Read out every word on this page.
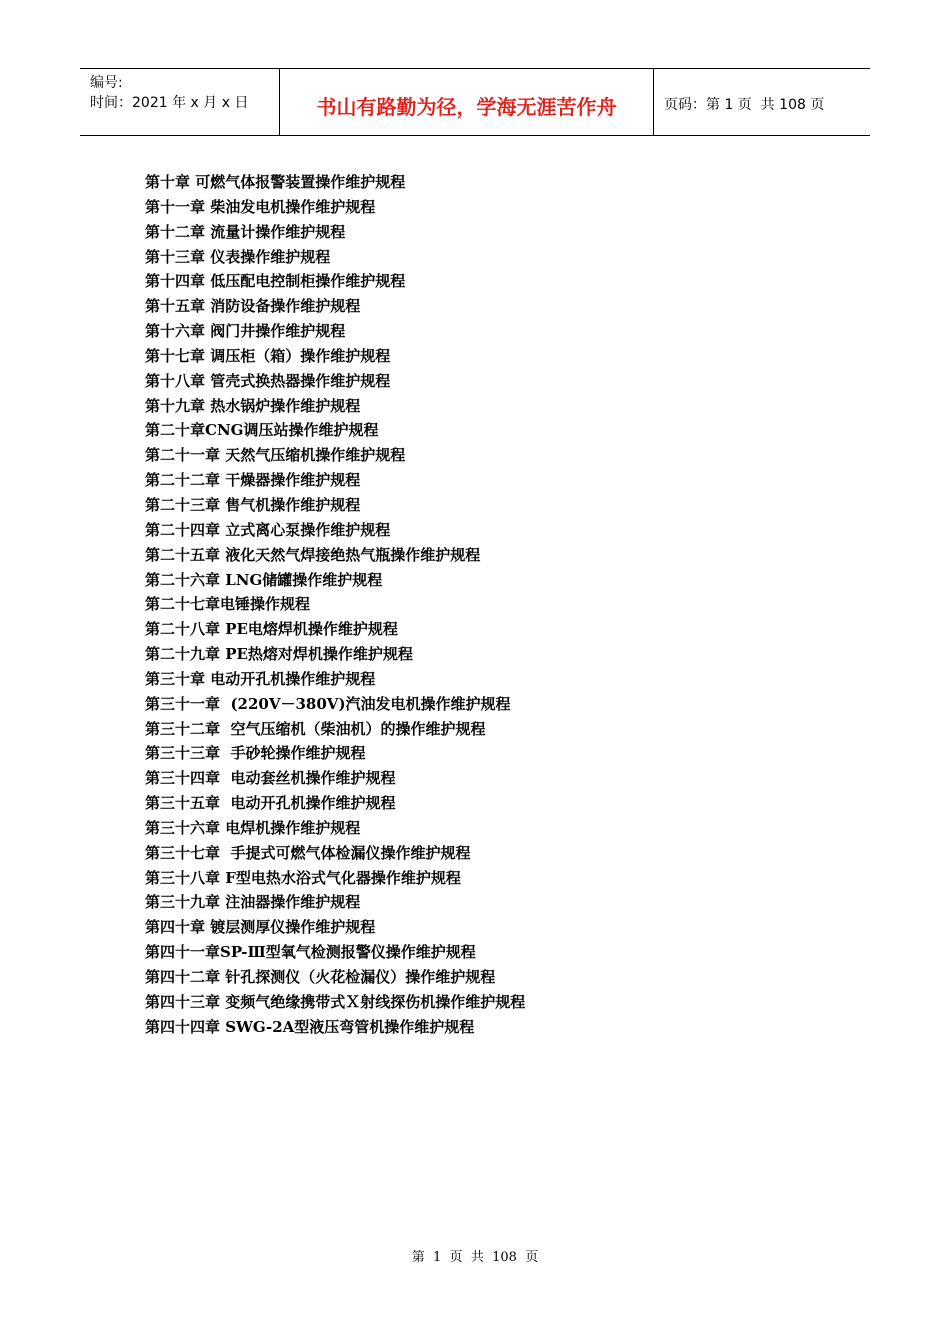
编号:
时间：2021 年 x 月 x 日	书山有路勤为径，学海无涯苦作舟	页码：第 1 页  共 108 页
第十章 可燃气体报警装置操作维护规程
第十一章 柴油发电机操作维护规程
第十二章 流量计操作维护规程
第十三章 仪表操作维护规程
第十四章 低压配电控制柜操作维护规程
第十五章 消防设备操作维护规程
第十六章 阀门井操作维护规程
第十七章 调压柜（箱）操作维护规程
第十八章 管壳式换热器操作维护规程
第十九章 热水锅炉操作维护规程
第二十章CNG调压站操作维护规程
第二十一章 天然气压缩机操作维护规程
第二十二章 干燥器操作维护规程
第二十三章 售气机操作维护规程
第二十四章 立式离心泵操作维护规程
第二十五章 液化天然气焊接绝热气瓶操作维护规程
第二十六章 LNG储罐操作维护规程
第二十七章电锤操作规程
第二十八章 PE电熔焊机操作维护规程
第二十九章 PE热熔对焊机操作维护规程
第三十章 电动开孔机操作维护规程
第三十一章  (220V－380V)汽油发电机操作维护规程
第三十二章  空气压缩机（柴油机）的操作维护规程
第三十三章  手砂轮操作维护规程
第三十四章  电动套丝机操作维护规程
第三十五章  电动开孔机操作维护规程
第三十六章 电焊机操作维护规程
第三十七章  手提式可燃气体检漏仪操作维护规程
第三十八章 F型电热水浴式气化器操作维护规程
第三十九章 注油器操作维护规程
第四十章 镀层测厚仪操作维护规程
第四十一章SP-Ⅲ型氧气检测报警仪操作维护规程
第四十二章 针孔探测仪（火花检漏仪）操作维护规程
第四十三章 变频气绝缘携带式Ｘ射线探伤机操作维护规程
第四十四章 SWG-2A型液压弯管机操作维护规程
第  1  页  共  108  页
